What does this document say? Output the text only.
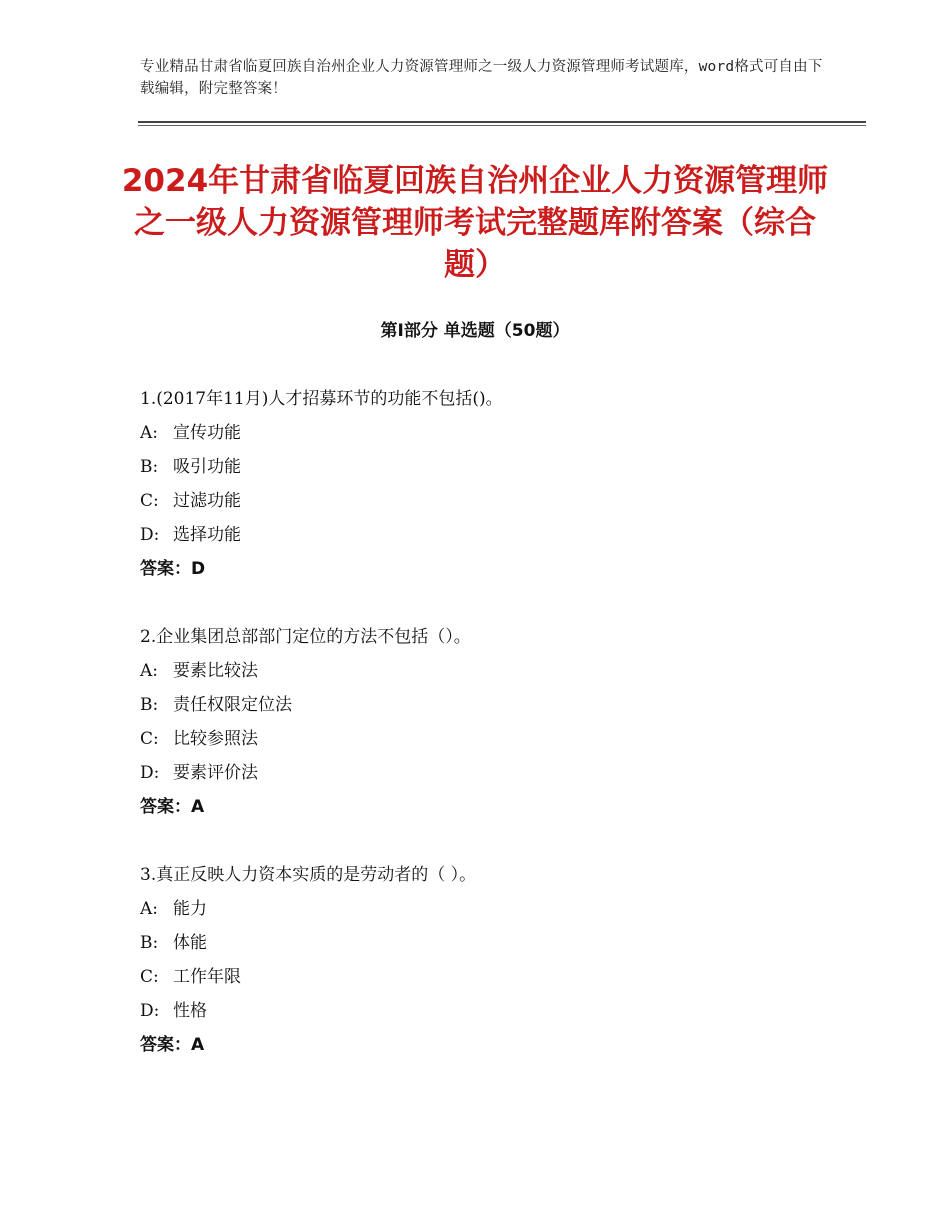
专业精品甘肃省临夏回族自治州企业人力资源管理师之一级人力资源管理师考试题库，word格式可自由下载编辑，附完整答案！
2024年甘肃省临夏回族自治州企业人力资源管理师之一级人力资源管理师考试完整题库附答案（综合题）
第Ⅰ部分 单选题（50题）
1.(2017年11月)人才招募环节的功能不包括()。
A: 宣传功能
B: 吸引功能
C: 过滤功能
D: 选择功能
答案：D
2.企业集团总部部门定位的方法不包括（）。
A: 要素比较法
B: 责任权限定位法
C: 比较参照法
D: 要素评价法
答案：A
3.真正反映人力资本实质的是劳动者的（ ）。
A: 能力
B: 体能
C: 工作年限
D: 性格
答案：A
